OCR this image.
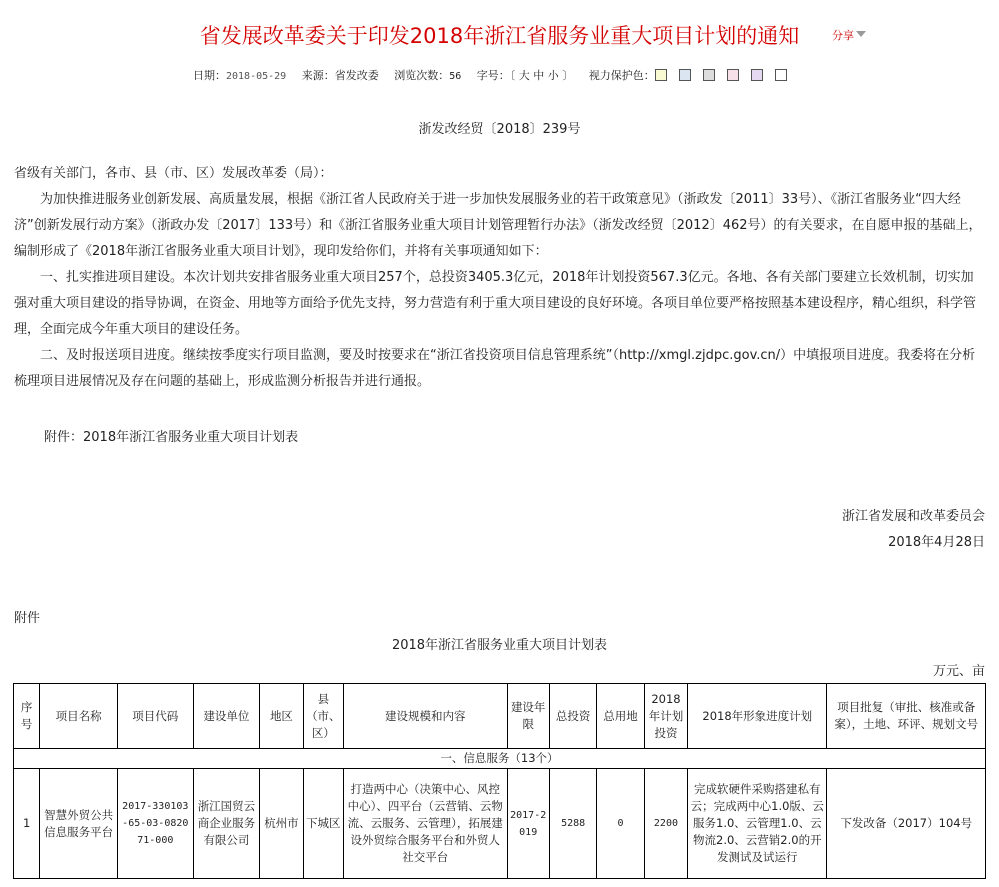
省发展改革委关于印发2018年浙江省服务业重大项目计划的通知	分享
日期：2018-05-29 来源：省发改委 浏览次数：56 字号：〔 大 中 小 〕 视力保护色：
浙发改经贸〔2018〕239号

省级有关部门，各市、县（市、区）发展改革委（局）：

为加快推进服务业创新发展、高质量发展，根据《浙江省人民政府关于进一步加快发展服务业的若干政策意见》（浙政发〔2011〕33号）、《浙江省服务业“四大经济”创新发展行动方案》（浙政办发〔2017〕133号）和《浙江省服务业重大项目计划管理暂行办法》（浙发改经贸〔2012〕462号）的有关要求，在自愿申报的基础上，编制形成了《2018年浙江省服务业重大项目计划》，现印发给你们，并将有关事项通知如下：

一、扎实推进项目建设。本次计划共安排省服务业重大项目257个，总投资3405.3亿元，2018年计划投资567.3亿元。各地、各有关部门要建立长效机制，切实加强对重大项目建设的指导协调，在资金、用地等方面给予优先支持，努力营造有利于重大项目建设的良好环境。各项目单位要严格按照基本建设程序，精心组织，科学管理，全面完成今年重大项目的建设任务。

二、及时报送项目进度。继续按季度实行项目监测，要及时按要求在“浙江省投资项目信息管理系统”（http://xmgl.zjdpc.gov.cn/）中填报项目进度。我委将在分析梳理项目进展情况及存在问题的基础上，形成监测分析报告并进行通报。

附件：2018年浙江省服务业重大项目计划表
浙江省发展和改革委员会
2018年4月28日
附件
2018年浙江省服务业重大项目计划表
万元、亩
序号	项目名称	项目代码	建设单位	地区	县（市、区）	建设规模和内容	建设年限	总投资	总用地	2018年计划投资	2018年形象进度计划	项目批复（审批、核准或备案），土地、环评、规划文号
一、信息服务（13个）												
1	智慧外贸公共信息服务平台	2017-330103-65-03-082071-000	浙江国贸云商企业服务有限公司	杭州市	下城区	打造两中心（决策中心、风控中心）、四平台（云营销、云物流、云服务、云管理），拓展建设外贸综合服务平台和外贸人社交平台	2017-2019	5288	0	2200	完成软硬件采购搭建私有云；完成两中心1.0版、云服务1.0、云管理1.0、云物流2.0、云营销2.0的开发测试及试运行	下发改备（2017）104号
